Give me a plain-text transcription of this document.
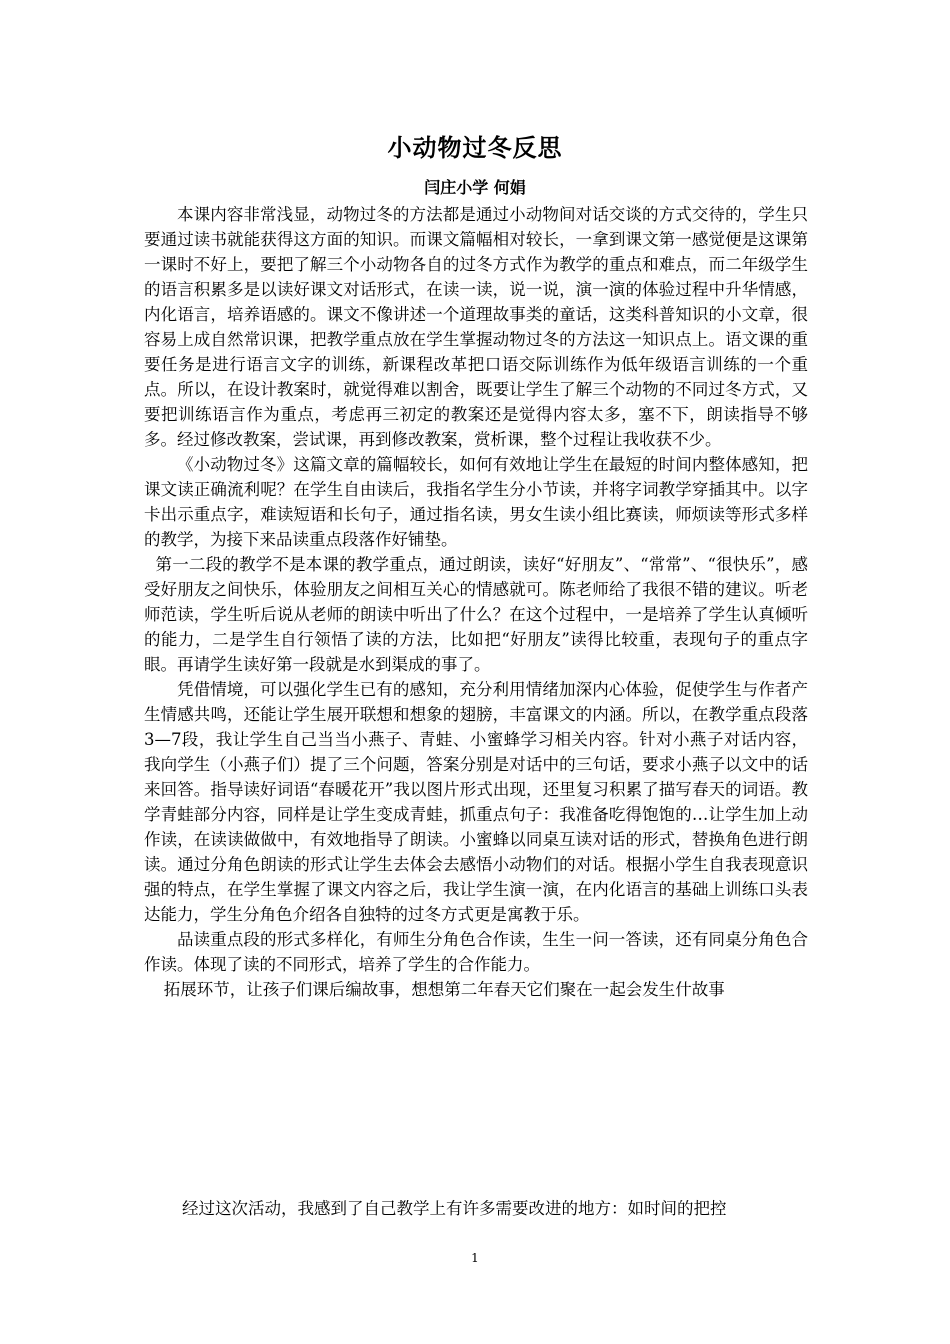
小动物过冬反思
闫庄小学 何娟

本课内容非常浅显，动物过冬的方法都是通过小动物间对话交谈的方式交待的，学生只要通过读书就能获得这方面的知识。而课文篇幅相对较长，一拿到课文第一感觉便是这课第一课时不好上，要把了解三个小动物各自的过冬方式作为教学的重点和难点，而二年级学生的语言积累多是以读好课文对话形式，在读一读，说一说，演一演的体验过程中升华情感，内化语言，培养语感的。课文不像讲述一个道理故事类的童话，这类科普知识的小文章，很容易上成自然常识课，把教学重点放在学生掌握动物过冬的方法这一知识点上。语文课的重要任务是进行语言文字的训练，新课程改革把口语交际训练作为低年级语言训练的一个重点。所以，在设计教案时，就觉得难以割舍，既要让学生了解三个动物的不同过冬方式，又要把训练语言作为重点，考虑再三初定的教案还是觉得内容太多，塞不下，朗读指导不够多。经过修改教案，尝试课，再到修改教案，赏析课，整个过程让我收获不少。

《小动物过冬》这篇文章的篇幅较长，如何有效地让学生在最短的时间内整体感知，把课文读正确流利呢？在学生自由读后，我指名学生分小节读，并将字词教学穿插其中。以字卡出示重点字，难读短语和长句子，通过指名读，男女生读小组比赛读，师烦读等形式多样的教学，为接下来品读重点段落作好铺垫。

第一二段的教学不是本课的教学重点，通过朗读，读好“好朋友”、“常常”、“很快乐”，感受好朋友之间快乐，体验朋友之间相互关心的情感就可。陈老师给了我很不错的建议。听老师范读，学生听后说从老师的朗读中听出了什么？在这个过程中，一是培养了学生认真倾听的能力，二是学生自行领悟了读的方法，比如把“好朋友”读得比较重，表现句子的重点字眼。再请学生读好第一段就是水到渠成的事了。

凭借情境，可以强化学生已有的感知，充分利用情绪加深内心体验，促使学生与作者产生情感共鸣，还能让学生展开联想和想象的翅膀，丰富课文的内涵。所以，在教学重点段落3—7段，我让学生自己当当小燕子、青蛙、小蜜蜂学习相关内容。针对小燕子对话内容，我向学生（小燕子们）提了三个问题，答案分别是对话中的三句话，要求小燕子以文中的话来回答。指导读好词语“春暖花开”我以图片形式出现，还里复习积累了描写春天的词语。教学青蛙部分内容，同样是让学生变成青蛙，抓重点句子：我准备吃得饱饱的…让学生加上动作读，在读读做做中，有效地指导了朗读。小蜜蜂以同桌互读对话的形式，替换角色进行朗读。通过分角色朗读的形式让学生去体会去感悟小动物们的对话。根据小学生自我表现意识强的特点，在学生掌握了课文内容之后，我让学生演一演，在内化语言的基础上训练口头表达能力，学生分角色介绍各自独特的过冬方式更是寓教于乐。

品读重点段的形式多样化，有师生分角色合作读，生生一问一答读，还有同桌分角色合作读。体现了读的不同形式，培养了学生的合作能力。

拓展环节，让孩子们课后编故事，想想第二年春天它们聚在一起会发生什故事

经过这次活动，我感到了自己教学上有许多需要改进的地方：如时间的把控
1
